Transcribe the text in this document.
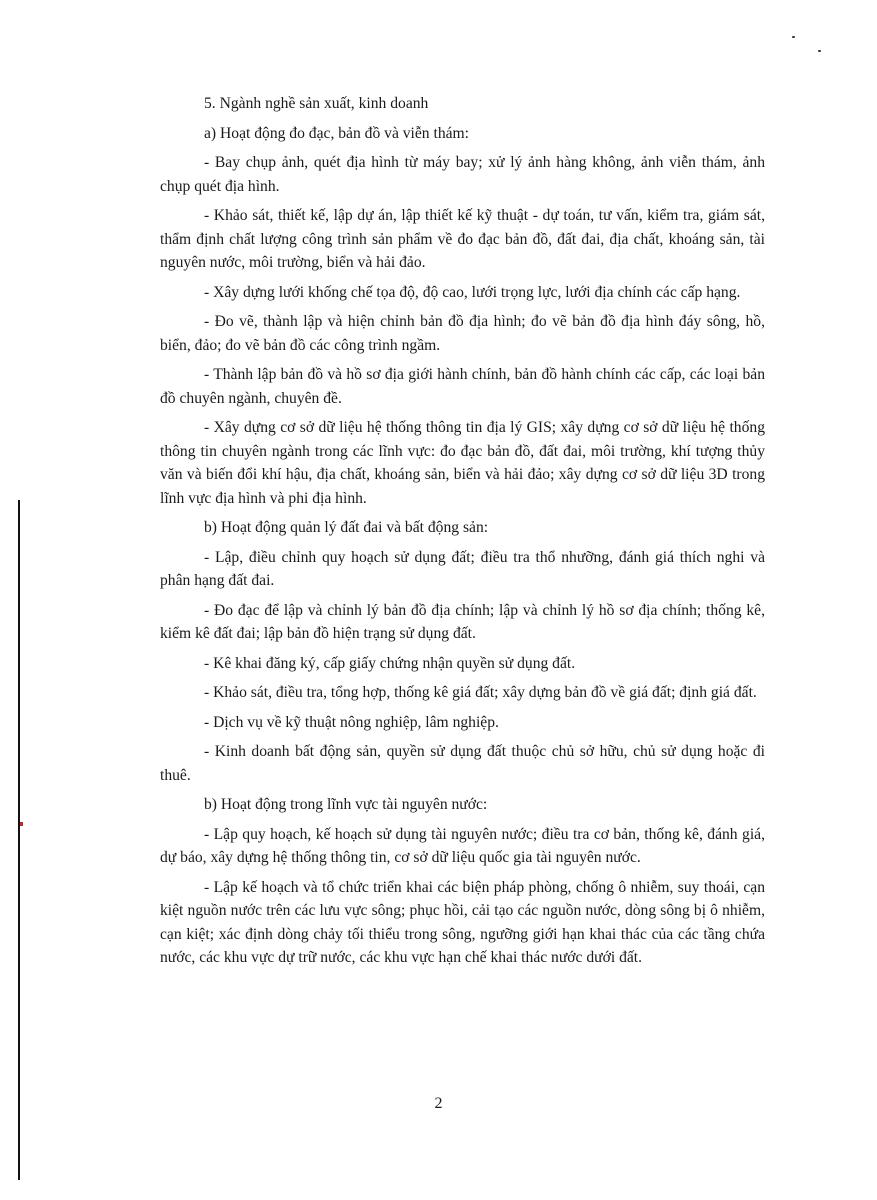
5. Ngành nghề sản xuất, kinh doanh

a) Hoạt động đo đạc, bản đồ và viễn thám:

- Bay chụp ảnh, quét địa hình từ máy bay; xử lý ảnh hàng không, ảnh viễn thám, ảnh chụp quét địa hình.

- Khảo sát, thiết kế, lập dự án, lập thiết kế kỹ thuật - dự toán, tư vấn, kiểm tra, giám sát, thẩm định chất lượng công trình sản phẩm về đo đạc bản đồ, đất đai, địa chất, khoáng sản, tài nguyên nước, môi trường, biển và hải đảo.

- Xây dựng lưới khống chế tọa độ, độ cao, lưới trọng lực, lưới địa chính các cấp hạng.

- Đo vẽ, thành lập và hiện chỉnh bản đồ địa hình; đo vẽ bản đồ địa hình đáy sông, hồ, biển, đảo; đo vẽ bản đồ các công trình ngầm.

- Thành lập bản đồ và hồ sơ địa giới hành chính, bản đồ hành chính các cấp, các loại bản đồ chuyên ngành, chuyên đề.

- Xây dựng cơ sở dữ liệu hệ thống thông tin địa lý GIS; xây dựng cơ sở dữ liệu hệ thống thông tin chuyên ngành trong các lĩnh vực: đo đạc bản đồ, đất đai, môi trường, khí tượng thủy văn và biến đổi khí hậu, địa chất, khoáng sản, biển và hải đảo; xây dựng cơ sở dữ liệu 3D trong lĩnh vực địa hình và phi địa hình.

b) Hoạt động quản lý đất đai và bất động sản:

- Lập, điều chỉnh quy hoạch sử dụng đất; điều tra thổ nhưỡng, đánh giá thích nghi và phân hạng đất đai.

- Đo đạc để lập và chỉnh lý bản đồ địa chính; lập và chỉnh lý hồ sơ địa chính; thống kê, kiểm kê đất đai; lập bản đồ hiện trạng sử dụng đất.

- Kê khai đăng ký, cấp giấy chứng nhận quyền sử dụng đất.

- Khảo sát, điều tra, tổng hợp, thống kê giá đất; xây dựng bản đồ về giá đất; định giá đất.

- Dịch vụ về kỹ thuật nông nghiệp, lâm nghiệp.

- Kinh doanh bất động sản, quyền sử dụng đất thuộc chủ sở hữu, chủ sử dụng hoặc đi thuê.

b) Hoạt động trong lĩnh vực tài nguyên nước:

- Lập quy hoạch, kế hoạch sử dụng tài nguyên nước; điều tra cơ bản, thống kê, đánh giá, dự báo, xây dựng hệ thống thông tin, cơ sở dữ liệu quốc gia tài nguyên nước.

- Lập kế hoạch và tổ chức triển khai các biện pháp phòng, chống ô nhiễm, suy thoái, cạn kiệt nguồn nước trên các lưu vực sông; phục hồi, cải tạo các nguồn nước, dòng sông bị ô nhiễm, cạn kiệt; xác định dòng chảy tối thiểu trong sông, ngưỡng giới hạn khai thác của các tầng chứa nước, các khu vực dự trữ nước, các khu vực hạn chế khai thác nước dưới đất.

2
